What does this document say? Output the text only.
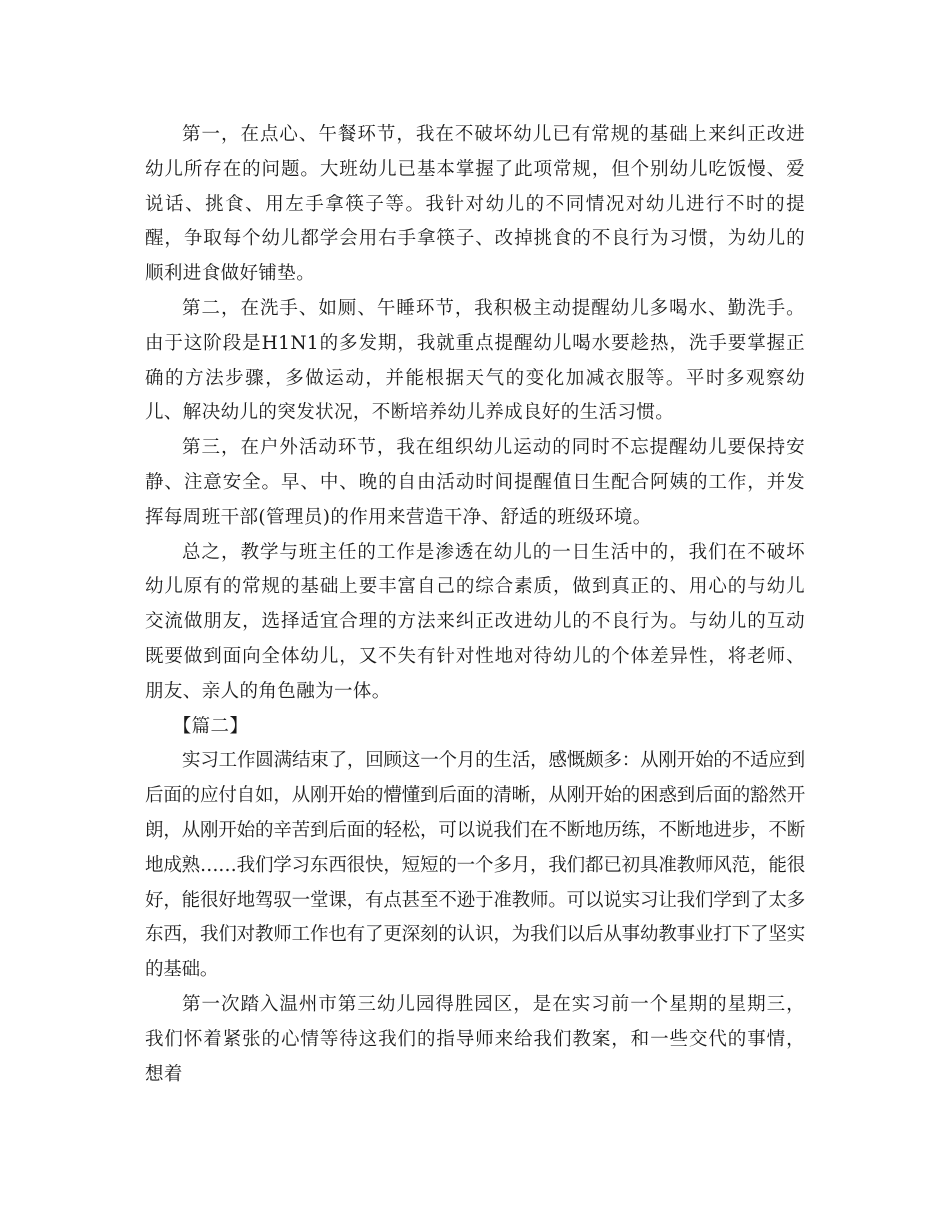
第一，在点心、午餐环节，我在不破坏幼儿已有常规的基础上来纠正改进幼儿所存在的问题。大班幼儿已基本掌握了此项常规，但个别幼儿吃饭慢、爱说话、挑食、用左手拿筷子等。我针对幼儿的不同情况对幼儿进行不时的提醒，争取每个幼儿都学会用右手拿筷子、改掉挑食的不良行为习惯，为幼儿的顺利进食做好铺垫。

第二，在洗手、如厕、午睡环节，我积极主动提醒幼儿多喝水、勤洗手。由于这阶段是H1N1的多发期，我就重点提醒幼儿喝水要趁热，洗手要掌握正确的方法步骤，多做运动，并能根据天气的变化加减衣服等。平时多观察幼儿、解决幼儿的突发状况，不断培养幼儿养成良好的生活习惯。

第三，在户外活动环节，我在组织幼儿运动的同时不忘提醒幼儿要保持安静、注意安全。早、中、晚的自由活动时间提醒值日生配合阿姨的工作，并发挥每周班干部(管理员)的作用来营造干净、舒适的班级环境。

总之，教学与班主任的工作是渗透在幼儿的一日生活中的，我们在不破坏幼儿原有的常规的基础上要丰富自己的综合素质，做到真正的、用心的与幼儿交流做朋友，选择适宜合理的方法来纠正改进幼儿的不良行为。与幼儿的互动既要做到面向全体幼儿，又不失有针对性地对待幼儿的个体差异性，将老师、朋友、亲人的角色融为一体。

【篇二】

实习工作圆满结束了，回顾这一个月的生活，感慨颇多：从刚开始的不适应到后面的应付自如，从刚开始的懵懂到后面的清晰，从刚开始的困惑到后面的豁然开朗，从刚开始的辛苦到后面的轻松，可以说我们在不断地历练，不断地进步，不断地成熟……我们学习东西很快，短短的一个多月，我们都已初具准教师风范，能很好，能很好地驾驭一堂课，有点甚至不逊于准教师。可以说实习让我们学到了太多东西，我们对教师工作也有了更深刻的认识，为我们以后从事幼教事业打下了坚实的基础。

第一次踏入温州市第三幼儿园得胜园区，是在实习前一个星期的星期三，我们怀着紧张的心情等待这我们的指导师来给我们教案，和一些交代的事情，想着
